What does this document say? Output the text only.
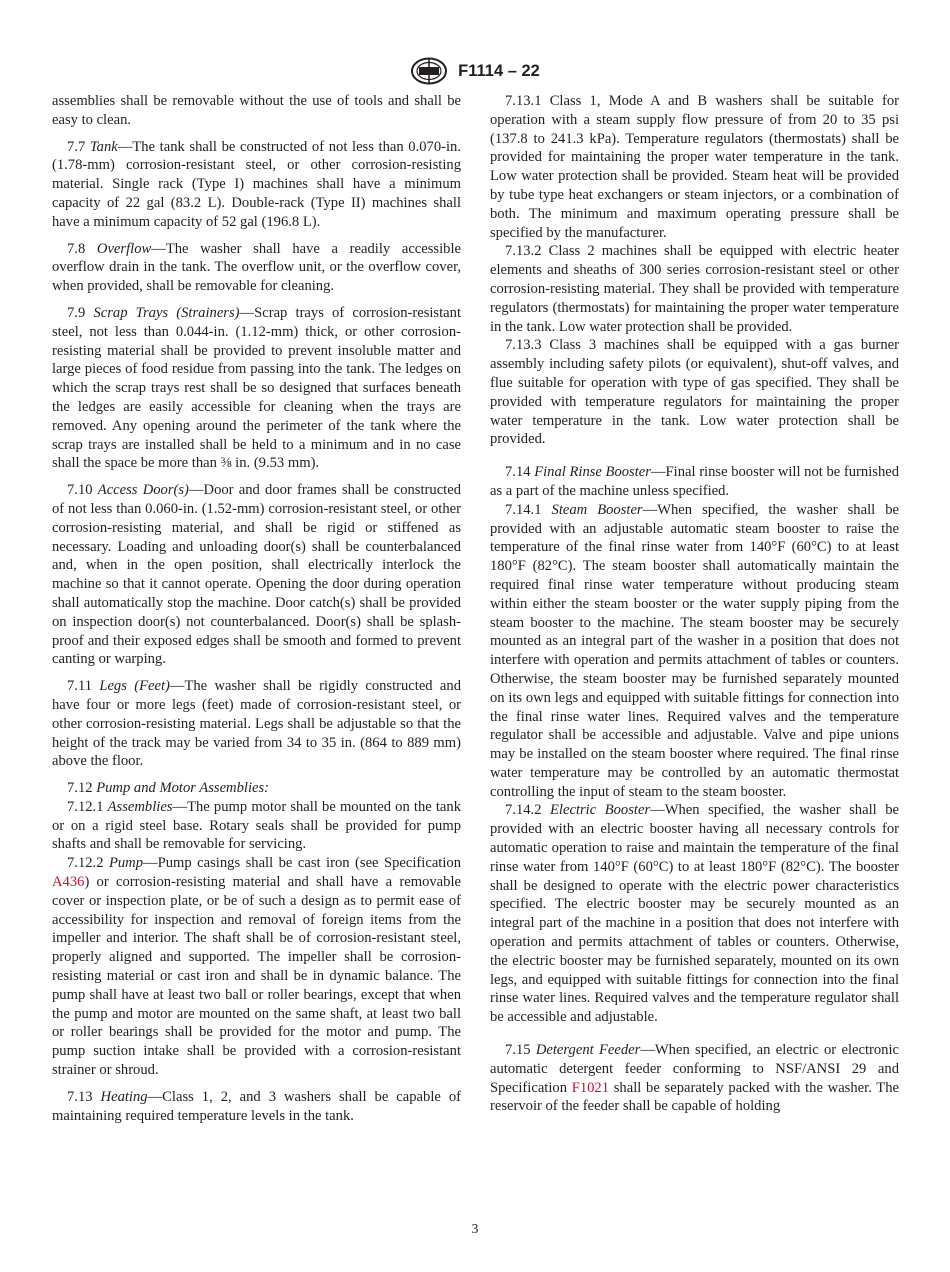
F1114 – 22

assemblies shall be removable without the use of tools and shall be easy to clean.

7.7 Tank—The tank shall be constructed of not less than 0.070-in. (1.78-mm) corrosion-resistant steel, or other corrosion-resisting material. Single rack (Type I) machines shall have a minimum capacity of 22 gal (83.2 L). Double-rack (Type II) machines shall have a minimum capacity of 52 gal (196.8 L).

7.8 Overflow—The washer shall have a readily accessible overflow drain in the tank. The overflow unit, or the overflow cover, when provided, shall be removable for cleaning.

7.9 Scrap Trays (Strainers)—Scrap trays of corrosion-resistant steel, not less than 0.044-in. (1.12-mm) thick, or other corrosion-resisting material shall be provided to prevent insoluble matter and large pieces of food residue from passing into the tank. The ledges on which the scrap trays rest shall be so designed that surfaces beneath the ledges are easily accessible for cleaning when the trays are removed. Any opening around the perimeter of the tank where the scrap trays are installed shall be held to a minimum and in no case shall the space be more than ⅜ in. (9.53 mm).

7.10 Access Door(s)—Door and door frames shall be constructed of not less than 0.060-in. (1.52-mm) corrosion-resistant steel, or other corrosion-resisting material, and shall be rigid or stiffened as necessary. Loading and unloading door(s) shall be counterbalanced and, when in the open position, shall electrically interlock the machine so that it cannot operate. Opening the door during operation shall automatically stop the machine. Door catch(s) shall be provided on inspection door(s) not counterbalanced. Door(s) shall be splash-proof and their exposed edges shall be smooth and formed to prevent canting or warping.

7.11 Legs (Feet)—The washer shall be rigidly constructed and have four or more legs (feet) made of corrosion-resistant steel, or other corrosion-resisting material. Legs shall be adjustable so that the height of the track may be varied from 34 to 35 in. (864 to 889 mm) above the floor.

7.12 Pump and Motor Assemblies:

7.12.1 Assemblies—The pump motor shall be mounted on the tank or on a rigid steel base. Rotary seals shall be provided for pump shafts and shall be removable for servicing.

7.12.2 Pump—Pump casings shall be cast iron (see Specification A436) or corrosion-resisting material and shall have a removable cover or inspection plate, or be of such a design as to permit ease of accessibility for inspection and removal of foreign items from the impeller and interior. The shaft shall be of corrosion-resistant steel, properly aligned and supported. The impeller shall be corrosion-resisting material or cast iron and shall be in dynamic balance. The pump shall have at least two ball or roller bearings, except that when the pump and motor are mounted on the same shaft, at least two ball or roller bearings shall be provided for the motor and pump. The pump suction intake shall be provided with a corrosion-resistant strainer or shroud.

7.13 Heating—Class 1, 2, and 3 washers shall be capable of maintaining required temperature levels in the tank.

7.13.1 Class 1, Mode A and B washers shall be suitable for operation with a steam supply flow pressure of from 20 to 35 psi (137.8 to 241.3 kPa). Temperature regulators (thermostats) shall be provided for maintaining the proper water temperature in the tank. Low water protection shall be provided. Steam heat will be provided by tube type heat exchangers or steam injectors, or a combination of both. The minimum and maximum operating pressure shall be specified by the manufacturer.

7.13.2 Class 2 machines shall be equipped with electric heater elements and sheaths of 300 series corrosion-resistant steel or other corrosion-resisting material. They shall be provided with temperature regulators (thermostats) for maintaining the proper water temperature in the tank. Low water protection shall be provided.

7.13.3 Class 3 machines shall be equipped with a gas burner assembly including safety pilots (or equivalent), shut-off valves, and flue suitable for operation with type of gas specified. They shall be provided with temperature regulators for maintaining the proper water temperature in the tank. Low water protection shall be provided.

7.14 Final Rinse Booster—Final rinse booster will not be furnished as a part of the machine unless specified.

7.14.1 Steam Booster—When specified, the washer shall be provided with an adjustable automatic steam booster to raise the temperature of the final rinse water from 140°F (60°C) to at least 180°F (82°C). The steam booster shall automatically maintain the required final rinse water temperature without producing steam within either the steam booster or the water supply piping from the steam booster to the machine. The steam booster may be securely mounted as an integral part of the washer in a position that does not interfere with operation and permits attachment of tables or counters. Otherwise, the steam booster may be furnished separately mounted on its own legs and equipped with suitable fittings for connection into the final rinse water lines. Required valves and the temperature regulator shall be accessible and adjustable. Valve and pipe unions may be installed on the steam booster where required. The final rinse water temperature may be controlled by an automatic thermostat controlling the input of steam to the steam booster.

7.14.2 Electric Booster—When specified, the washer shall be provided with an electric booster having all necessary controls for automatic operation to raise and maintain the temperature of the final rinse water from 140°F (60°C) to at least 180°F (82°C). The booster shall be designed to operate with the electric power characteristics specified. The electric booster may be securely mounted as an integral part of the machine in a position that does not interfere with operation and permits attachment of tables or counters. Otherwise, the electric booster may be furnished separately, mounted on its own legs, and equipped with suitable fittings for connection into the final rinse water lines. Required valves and the temperature regulator shall be accessible and adjustable.

7.15 Detergent Feeder—When specified, an electric or electronic automatic detergent feeder conforming to NSF/ANSI 29 and Specification F1021 shall be separately packed with the washer. The reservoir of the feeder shall be capable of holding

3
